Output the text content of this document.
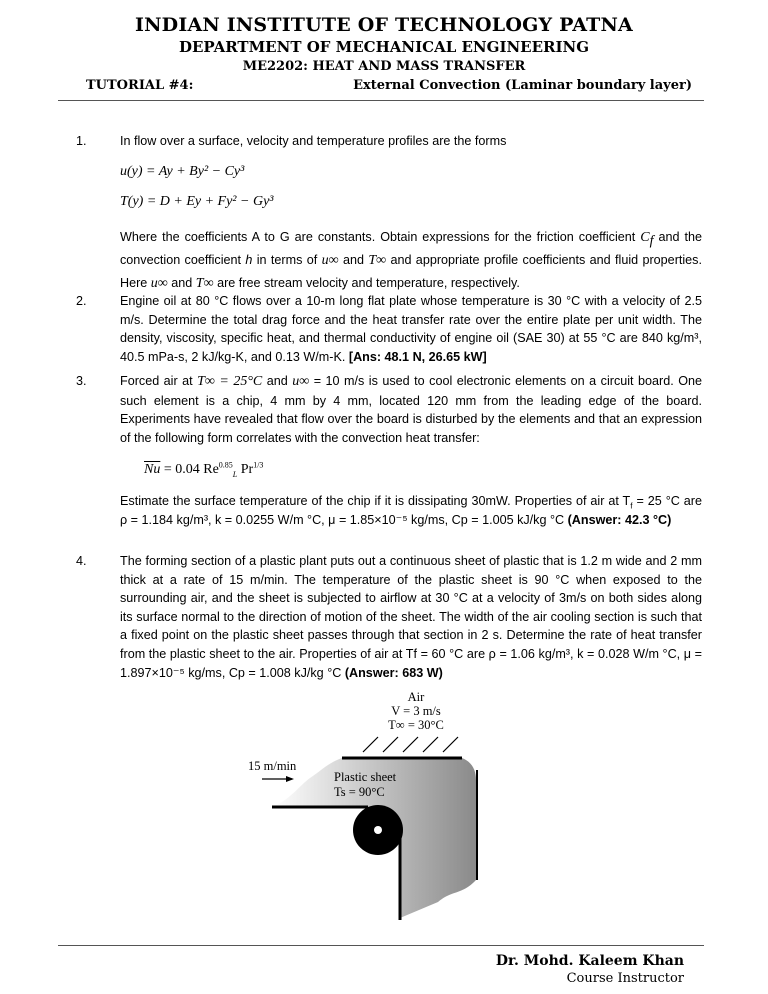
INDIAN INSTITUTE OF TECHNOLOGY PATNA
DEPARTMENT OF MECHANICAL ENGINEERING
ME2202: HEAT AND MASS TRANSFER
TUTORIAL #4:	External Convection (Laminar boundary layer)
1.	In flow over a surface, velocity and temperature profiles are the forms

u(y) = Ay + By² − Cy³

T(y) = D + Ey + Fy² − Gy³

Where the coefficients A to G are constants. Obtain expressions for the friction coefficient $C_f$ and the convection coefficient h in terms of u∞ and T∞ and appropriate profile coefficients and fluid properties. Here u∞ and T∞ are free stream velocity and temperature, respectively.

2.	Engine oil at 80 °C flows over a 10-m long flat plate whose temperature is 30 °C with a velocity of 2.5 m/s. Determine the total drag force and the heat transfer rate over the entire plate per unit width. The density, viscosity, specific heat, and thermal conductivity of engine oil (SAE 30) at 55 °C are 840 kg/m³, 40.5 mPa-s, 2 kJ/kg-K, and 0.13 W/m-K. [Ans: 48.1 N, 26.65 kW]

3.	Forced air at T∞ = 25°C and u∞ = 10 m/s is used to cool electronic elements on a circuit board. One such element is a chip, 4 mm by 4 mm, located 120 mm from the leading edge of the board. Experiments have revealed that flow over the board is disturbed by the elements and that an expression of the following form correlates with the convection heat transfer:

$\overline{Nu} = 0.04$ $Re^{0.85}_L$ $Pr^{1/3}$

Estimate the surface temperature of the chip if it is dissipating 30mW. Properties of air at $T_f = 25$ °C are ρ = 1.184 kg/m³, k = 0.0255 W/m °C, μ = 1.85×10⁻⁵ kg/ms, Cp = 1.005 kJ/kg °C (Answer: 42.3 °C)

4.	The forming section of a plastic plant puts out a continuous sheet of plastic that is 1.2 m wide and 2 mm thick at a rate of 15 m/min. The temperature of the plastic sheet is 90 °C when exposed to the surrounding air, and the sheet is subjected to airflow at 30 °C at a velocity of 3m/s on both sides along its surface normal to the direction of motion of the sheet. The width of the air cooling section is such that a fixed point on the plastic sheet passes through that section in 2 s. Determine the rate of heat transfer from the plastic sheet to the air. Properties of air at Tf = 60 °C are ρ = 1.06 kg/m³, k = 0.028 W/m °C, μ = 1.897×10⁻⁵ kg/ms, Cp = 1.008 kJ/kg °C (Answer: 683 W)

Air
V = 3 m/s
T∞ = 30°C
15 m/min
Plastic sheet
Ts = 90°C
Dr. Mohd. Kaleem Khan
Course Instructor
